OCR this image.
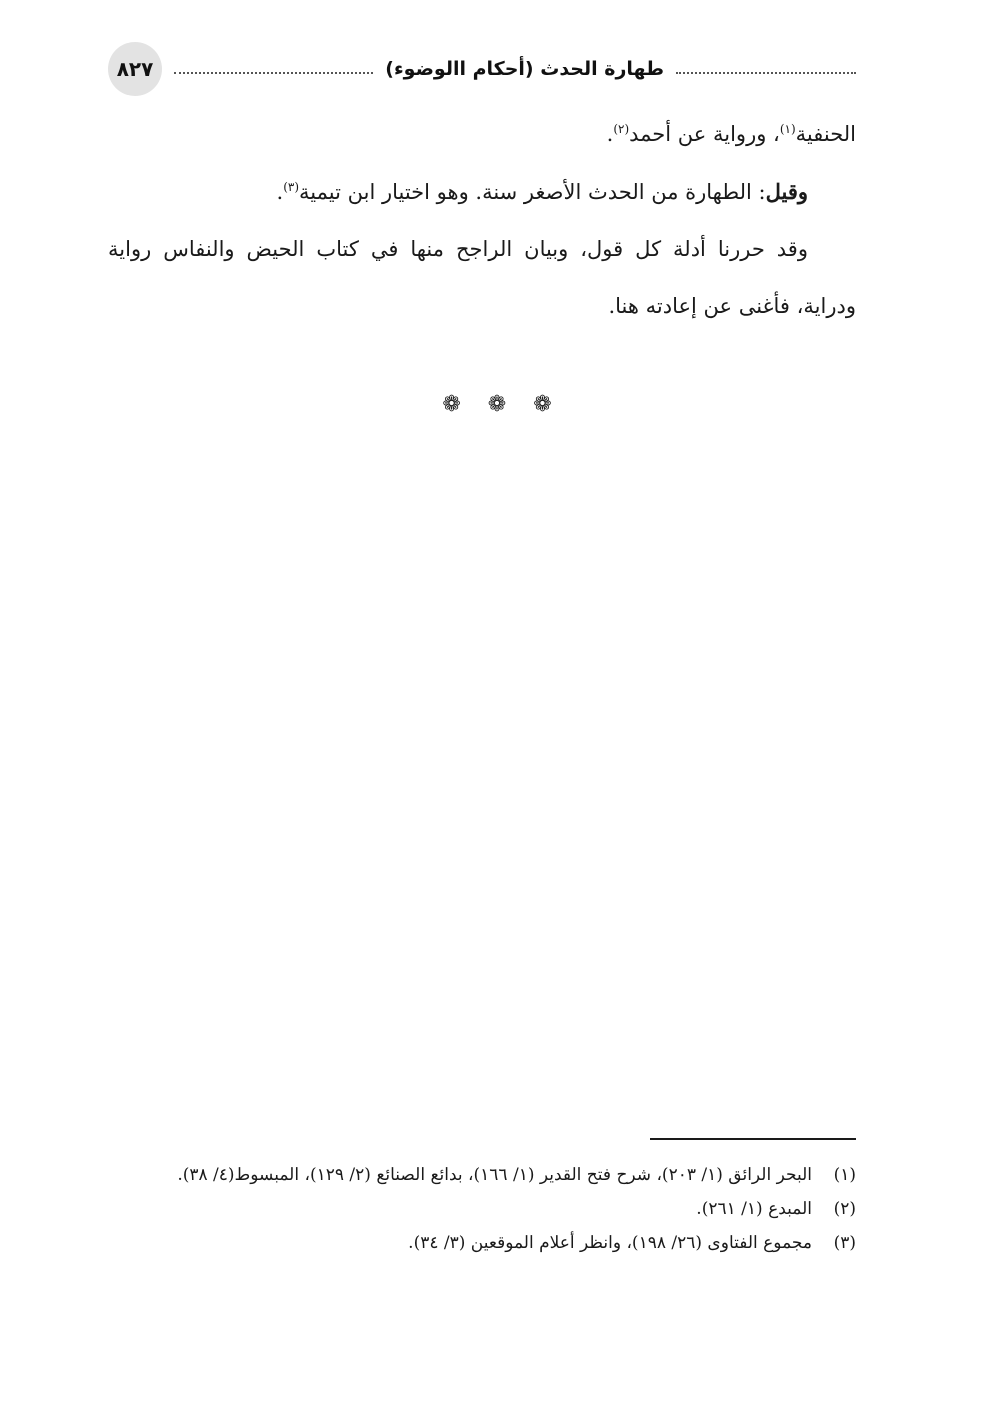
٨٢٧	طهارة الحدث (أحكام االوضوء)

الحنفية$^{(١)}$، ورواية عن أحمد$^{(٢)}$.

وقيل: الطهارة من الحدث الأصغر سنة. وهو اختيار ابن تيمية$^{(٣)}$.

وقد حررنا أدلة كل قول، وبيان الراجح منها في كتاب الحيض والنفاس رواية ودراية، فأغنى عن إعادته هنا.

❁ ❁ ❁
(١)
البحر الرائق (١/ ٢٠٣)، شرح فتح القدير (١/ ١٦٦)، بدائع الصنائع (٢/ ١٢٩)، المبسوط(٤/ ٣٨).
(٢)
المبدع (١/ ٢٦١).
(٣)
مجموع الفتاوى (٢٦/ ١٩٨)، وانظر أعلام الموقعين (٣/ ٣٤).
